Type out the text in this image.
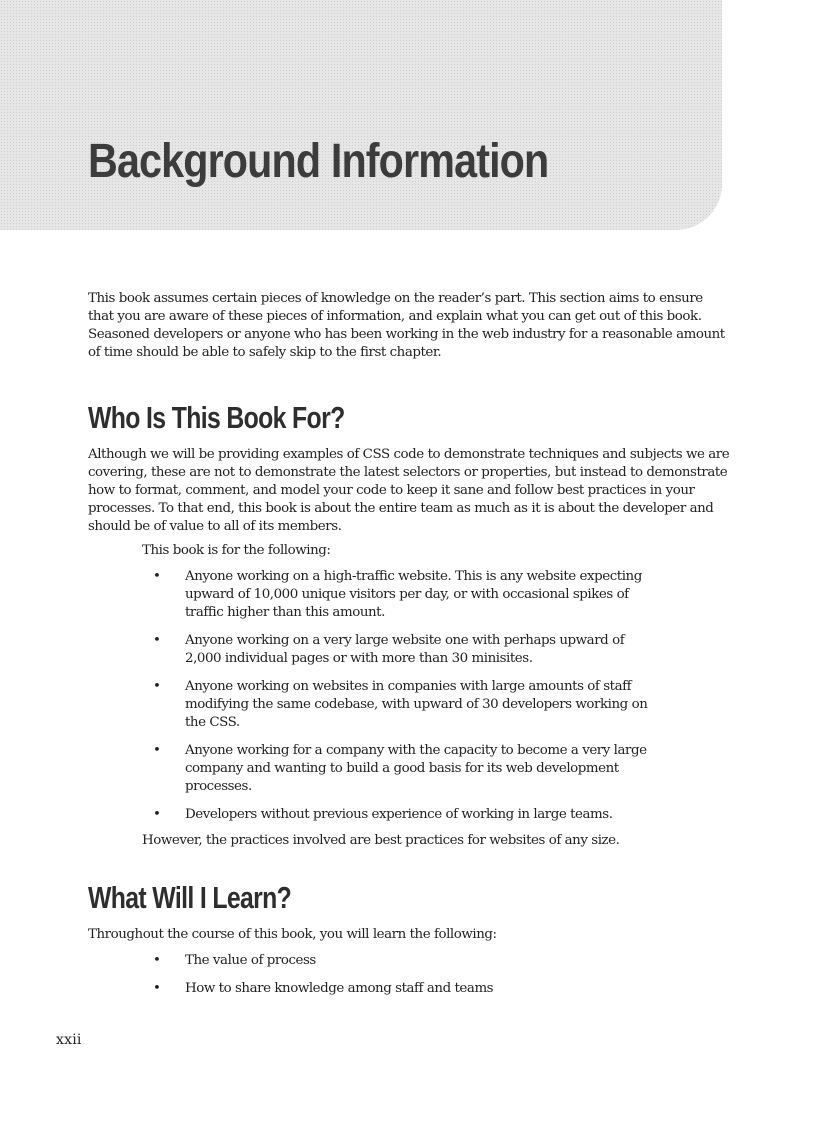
Background Information

This book assumes certain pieces of knowledge on the reader’s part. This section aims to ensure that you are aware of these pieces of information, and explain what you can get out of this book. Seasoned developers or anyone who has been working in the web industry for a reasonable amount of time should be able to safely skip to the first chapter.

Who Is This Book For?

Although we will be providing examples of CSS code to demonstrate techniques and subjects we are covering, these are not to demonstrate the latest selectors or properties, but instead to demonstrate how to format, comment, and model your code to keep it sane and follow best practices in your processes. To that end, this book is about the entire team as much as it is about the developer and should be of value to all of its members.

This book is for the following:

• Anyone working on a high-traffic website. This is any website expecting upward of 10,000 unique visitors per day, or with occasional spikes of traffic higher than this amount.
• Anyone working on a very large website one with perhaps upward of 2,000 individual pages or with more than 30 minisites.
• Anyone working on websites in companies with large amounts of staff modifying the same codebase, with upward of 30 developers working on the CSS.
• Anyone working for a company with the capacity to become a very large company and wanting to build a good basis for its web development processes.
• Developers without previous experience of working in large teams.

However, the practices involved are best practices for websites of any size.

What Will I Learn?

Throughout the course of this book, you will learn the following:

• The value of process
• How to share knowledge among staff and teams
xxii
